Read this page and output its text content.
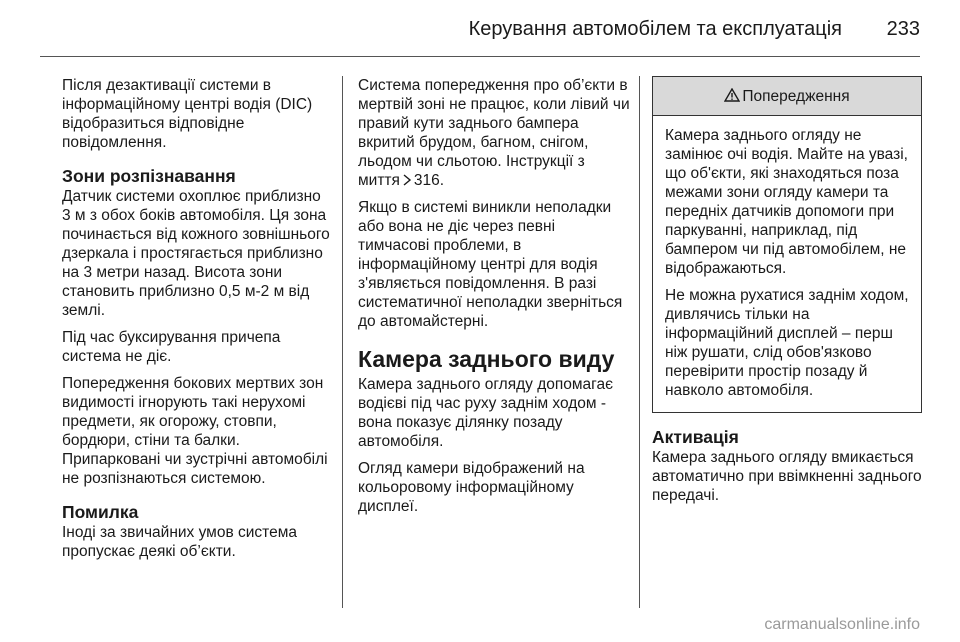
Керування автомобілем та експлуатація 233

Після дезактивації системи в інформаційному центрі водія (DIC) відобразиться відповідне повідомлення.

Зони розпізнавання

Датчик системи охоплює приблизно 3 м з обох боків автомобіля. Ця зона починається від кожного зовнішнього дзеркала і простягається приблизно на 3 метри назад. Висота зони становить приблизно 0,5 м-2 м від землі.

Під час буксирування причепа система не діє.

Попередження бокових мертвих зон видимості ігнорують такі нерухомі предмети, як огорожу, стовпи, бордюри, стіни та балки. Припарковані чи зустрічні автомобілі не розпізнаються системою.

Помилка

Іноді за звичайних умов система пропускає деякі об’єкти.

Система попередження про об’єкти в мертвій зоні не працює, коли лівий чи правий кути заднього бампера вкритий брудом, багном, снігом, льодом чи сльотою. Інструкції з миття 316.

Якщо в системі виникли неполадки або вона не діє через певні тимчасові проблеми, в інформаційному центрі для водія з'являється повідомлення. В разі систематичної неполадки зверніться до автомайстерні.

Камера заднього виду

Камера заднього огляду допомагає водієві під час руху заднім ходом - вона показує ділянку позаду автомобіля.

Огляд камери відображений на кольоровому інформаційному дисплеї.

Попередження

Камера заднього огляду не замінює очі водія. Майте на увазі, що об'єкти, які знаходяться поза межами зони огляду камери та передніх датчиків допомоги при паркуванні, наприклад, під бампером чи під автомобілем, не відображаються.

Не можна рухатися заднім ходом, дивлячись тільки на інформаційний дисплей – перш ніж рушати, слід обов'язково перевірити простір позаду й навколо автомобіля.

Активація

Камера заднього огляду вмикається автоматично при ввімкненні заднього передачі.

carmanualsonline.info
